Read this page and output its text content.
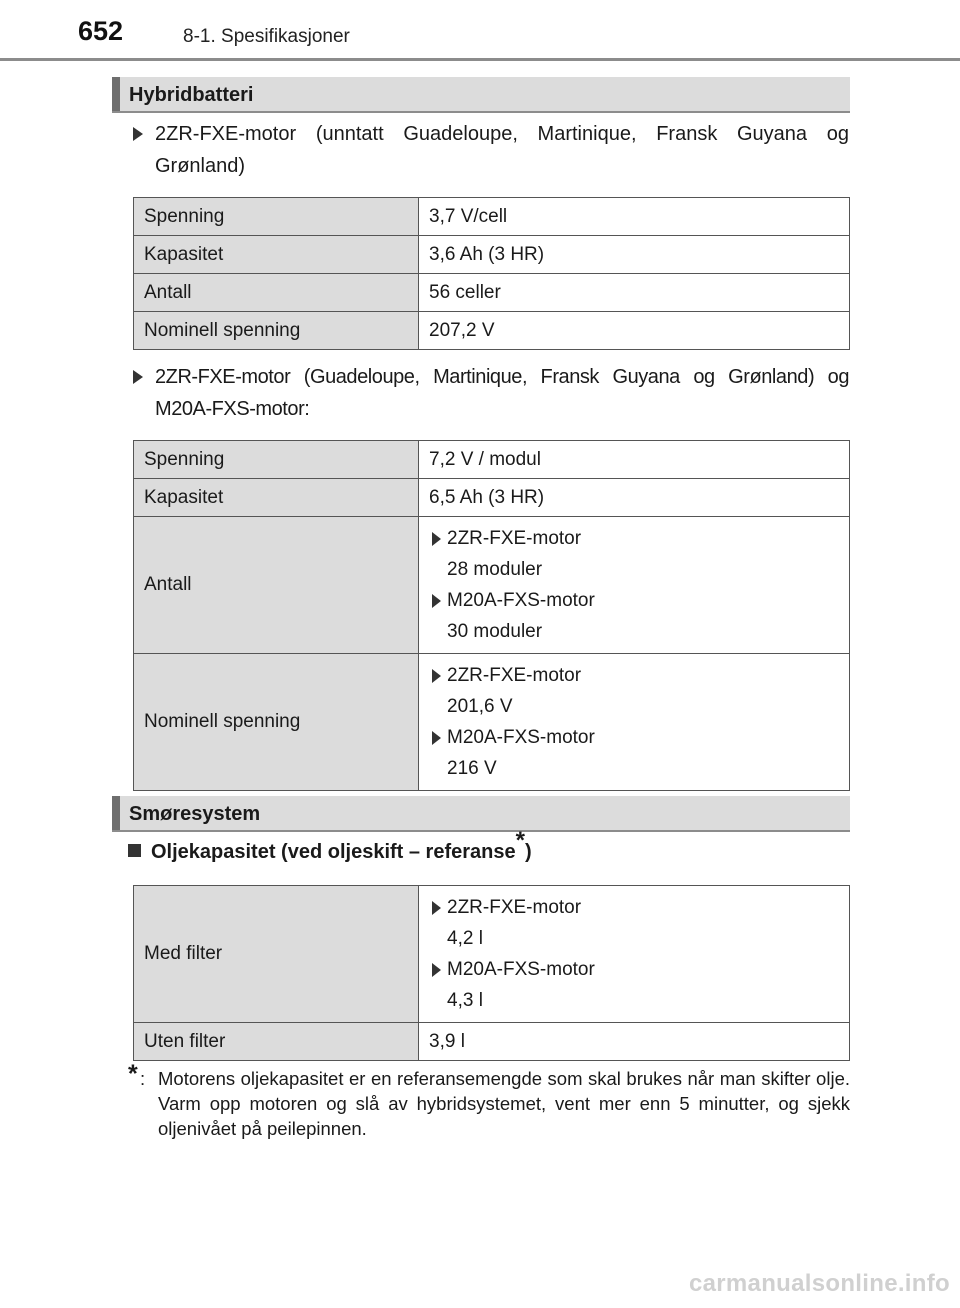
652	8-1. Spesifikasjoner
Hybridbatteri
2ZR-FXE-motor (unntatt Guadeloupe, Martinique, Fransk Guyana og Grønland)
Spenning	3,7 V/cell
Kapasitet	3,6 Ah (3 HR)
Antall	56 celler
Nominell spenning	207,2 V
2ZR-FXE-motor (Guadeloupe, Martinique, Fransk Guyana og Grønland) og M20A-FXS-motor:
Spenning	7,2 V / modul
Kapasitet	6,5 Ah (3 HR)
Antall	2ZR-FXE-motor
28 moduler
M20A-FXS-motor
30 moduler

Nominell spenning	2ZR-FXE-motor
201,6 V
M20A-FXS-motor
216 V
Smøresystem
Oljekapasitet (ved oljeskift – referanse*)
Med filter	2ZR-FXE-motor
4,2 l
M20A-FXS-motor
4,3 l

Uten filter	3,9 l
* : Motorens oljekapasitet er en referansemengde som skal brukes når man skifter olje. Varm opp motoren og slå av hybridsystemet, vent mer enn 5 minutter, og sjekk oljenivået på peilepinnen.
carmanualsonline.info
